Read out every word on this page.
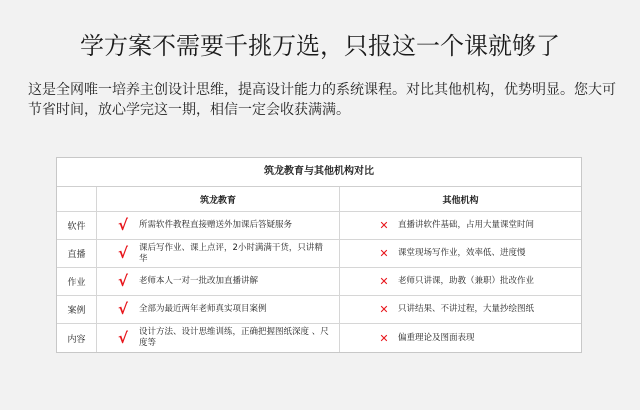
学方案不需要千挑万选，只报这一个课就够了
这是全网唯一培养主创设计思维，提高设计能力的系统课程。对比其他机构，优势明显。您大可节省时间，放心学完这一期，相信一定会收获满满。
筑龙教育与其他机构对比
筑龙教育	其他机构
软件	√	所需软件教程直接赠送外加课后答疑服务	✕ 直播讲软件基础，占用大量课堂时间
直播	√	课后写作业、课上点评，2小时满满干货，只讲精华	✕ 课堂现场写作业，效率低、进度慢
作业	√	老师本人一对一批改加直播讲解	✕ 老师只讲课，助教（兼职）批改作业
案例	√	全部为最近两年老师真实项目案例	✕ 只讲结果、不讲过程，大量抄绘图纸
内容	√	设计方法、设计思维训练，正确把握图纸深度 、尺度等	✕ 偏重理论及图面表现
